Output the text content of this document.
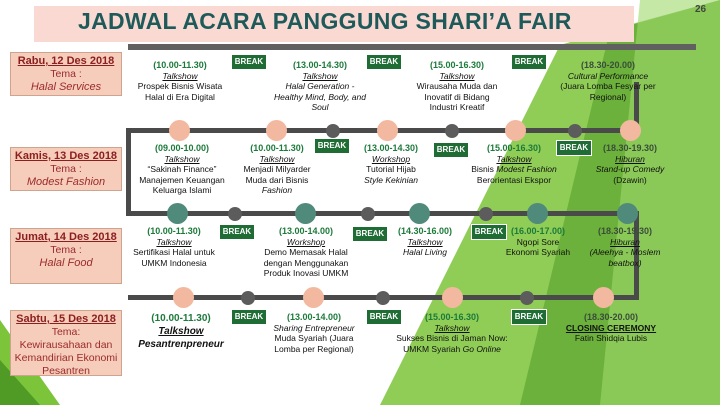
JADWAL ACARA PANGGUNG SHARI’A FAIR	26
Rabu, 12 Des 2018
Tema :
Halal Services
Kamis, 13 Des 2018
Tema :
Modest Fashion
Jumat, 14 Des 2018
Tema :
Halal Food
Sabtu, 15 Des 2018
Tema:
Kewirausahaan dan Kemandirian Ekonomi Pesantren
BREAK	BREAK	BREAK
(10.00-11.30)
Talkshow
Prospek Bisnis Wisata Halal di Era Digital
(13.00-14.30)
Talkshow
Halal Generation - Healthy Mind, Body, and Soul
(15.00-16.30)
Talkshow
Wirausaha Muda dan Inovatif di Bidang Industri Kreatif
(18.30-20.00)
Cultural Performance
(Juara Lomba Fesyar per Regional)
BREAK	BREAK	BREAK
(09.00-10.00)
Talkshow
“Sakinah Finance”
Manajemen Keuangan Keluarga Islami
(10.00-11.30)
Talkshow
Menjadi Milyarder Muda dari Bisnis
Fashion
(13.00-14.30)
Workshop
Tutorial Hijab
Style Kekinian
(15.00-16.30)
Talkshow
Bisnis Modest Fashion
Berorientasi Ekspor
(18.30-19.30)
Hiburan
Stand-up Comedy
(Dzawin)
BREAK	BREAK	BREAK
(10.00-11.30)
Talkshow
Sertifikasi Halal untuk UMKM Indonesia
(13.00-14.00)
Workshop
Demo Memasak Halal dengan Menggunakan Produk Inovasi UMKM
(14.30-16.00)
Talkshow
Halal Living
(16.00-17.00)
Ngopi Sore Ekonomi Syariah
(18.30-19.30)
Hiburan
(Aleehya - Moslem beatbox)
BREAK	BREAK	BREAK
(10.00-11.30)
Talkshow
Pesantrenpreneur
(13.00-14.00)
Sharing Entrepreneur
Muda Syariah (Juara Lomba per Regional)
(15.00-16.30)
Talkshow
Sukses Bisnis di Jaman Now:
UMKM Syariah Go Online
(18.30-20.00)
CLOSING CEREMONY
Fatin Shidqia Lubis
